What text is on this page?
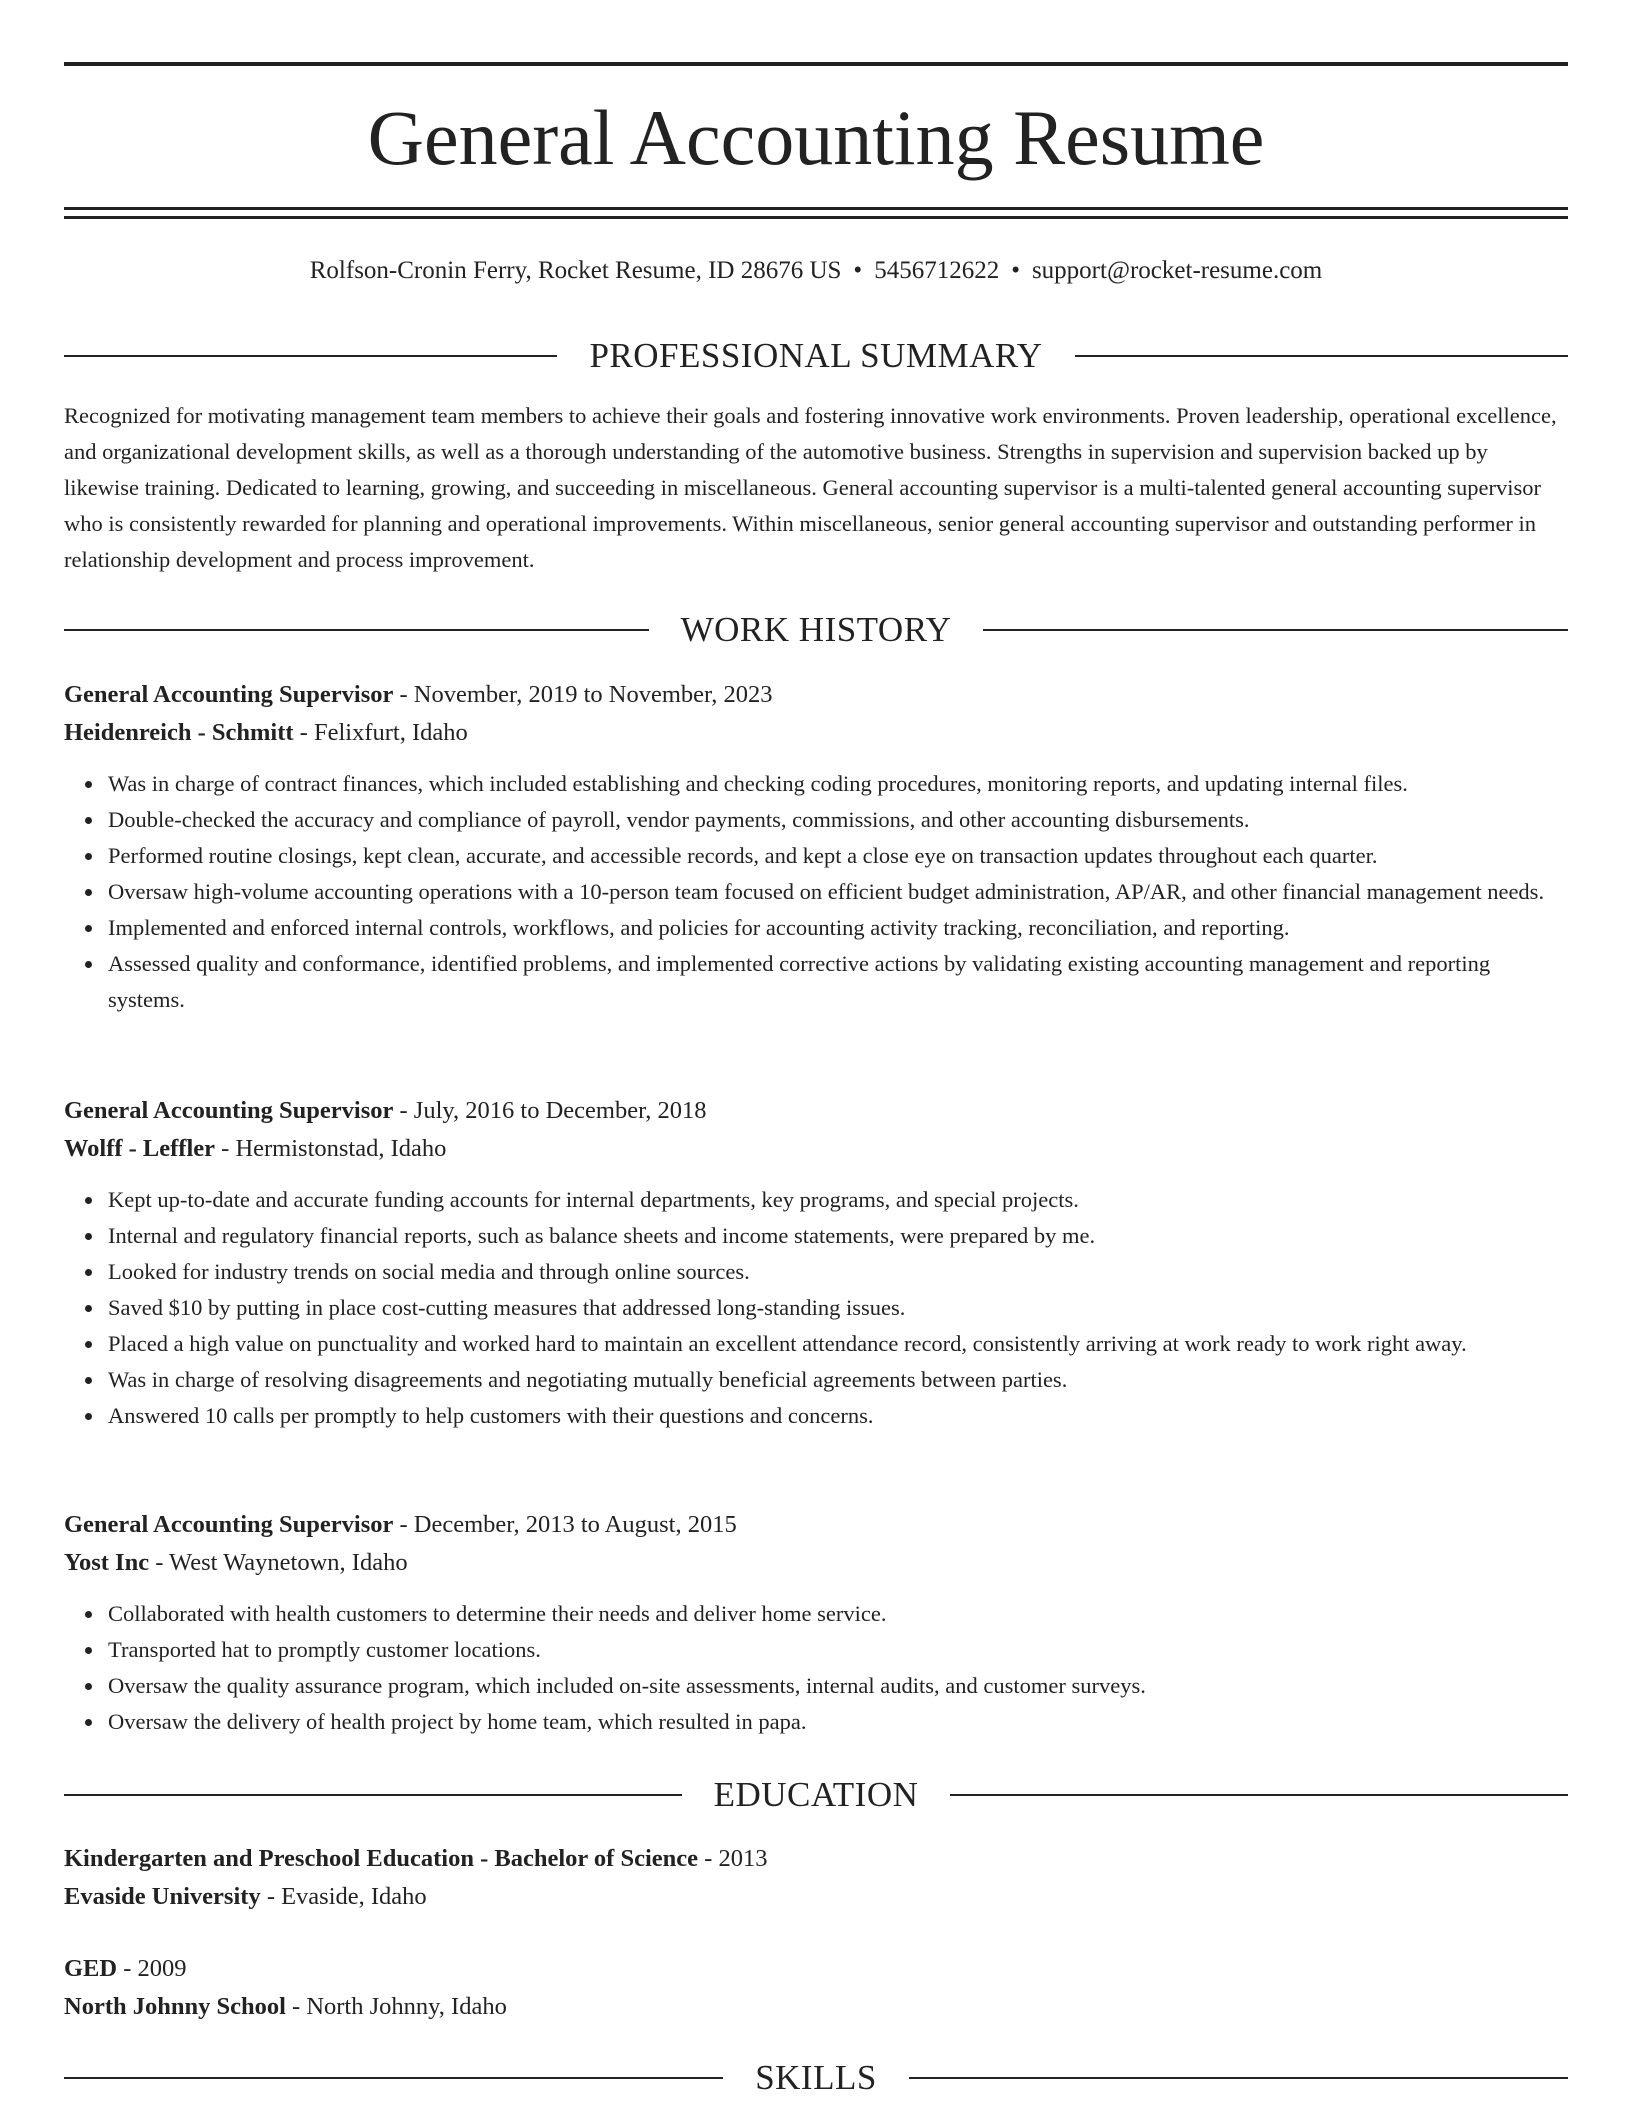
General Accounting Resume
Rolfson-Cronin Ferry, Rocket Resume, ID 28676 US • 5456712622 • support@rocket-resume.com
PROFESSIONAL SUMMARY

Recognized for motivating management team members to achieve their goals and fostering innovative work environments. Proven leadership, operational excellence, and organizational development skills, as well as a thorough understanding of the automotive business. Strengths in supervision and supervision backed up by likewise training. Dedicated to learning, growing, and succeeding in miscellaneous. General accounting supervisor is a multi-talented general accounting supervisor who is consistently rewarded for planning and operational improvements. Within miscellaneous, senior general accounting supervisor and outstanding performer in relationship development and process improvement.

WORK HISTORY
General Accounting Supervisor - November, 2019 to November, 2023
Heidenreich - Schmitt - Felixfurt, Idaho
Was in charge of contract finances, which included establishing and checking coding procedures, monitoring reports, and updating internal files.
Double-checked the accuracy and compliance of payroll, vendor payments, commissions, and other accounting disbursements.
Performed routine closings, kept clean, accurate, and accessible records, and kept a close eye on transaction updates throughout each quarter.
Oversaw high-volume accounting operations with a 10-person team focused on efficient budget administration, AP/AR, and other financial management needs.
Implemented and enforced internal controls, workflows, and policies for accounting activity tracking, reconciliation, and reporting.
Assessed quality and conformance, identified problems, and implemented corrective actions by validating existing accounting management and reporting systems.
General Accounting Supervisor - July, 2016 to December, 2018
Wolff - Leffler - Hermistonstad, Idaho
Kept up-to-date and accurate funding accounts for internal departments, key programs, and special projects.
Internal and regulatory financial reports, such as balance sheets and income statements, were prepared by me.
Looked for industry trends on social media and through online sources.
Saved $10 by putting in place cost-cutting measures that addressed long-standing issues.
Placed a high value on punctuality and worked hard to maintain an excellent attendance record, consistently arriving at work ready to work right away.
Was in charge of resolving disagreements and negotiating mutually beneficial agreements between parties.
Answered 10 calls per promptly to help customers with their questions and concerns.
General Accounting Supervisor - December, 2013 to August, 2015
Yost Inc - West Waynetown, Idaho
Collaborated with health customers to determine their needs and deliver home service.
Transported hat to promptly customer locations.
Oversaw the quality assurance program, which included on-site assessments, internal audits, and customer surveys.
Oversaw the delivery of health project by home team, which resulted in papa.
EDUCATION
Kindergarten and Preschool Education - Bachelor of Science - 2013
Evaside University - Evaside, Idaho
GED - 2009
North Johnny School - North Johnny, Idaho
SKILLS
